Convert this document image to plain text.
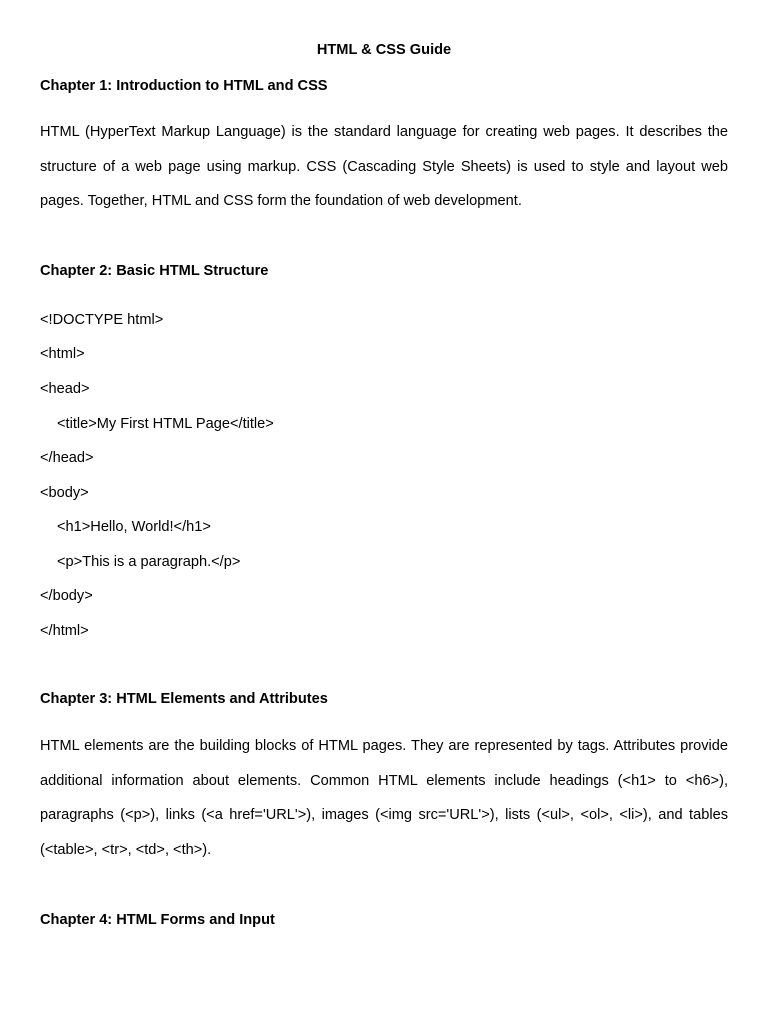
HTML & CSS Guide
Chapter 1: Introduction to HTML and CSS

HTML (HyperText Markup Language) is the standard language for creating web pages. It describes the structure of a web page using markup. CSS (Cascading Style Sheets) is used to style and layout web pages. Together, HTML and CSS form the foundation of web development.

Chapter 2: Basic HTML Structure
<!DOCTYPE html>
<html>
<head>
<title>My First HTML Page</title>
</head>
<body>
<h1>Hello, World!</h1>
<p>This is a paragraph.</p>
</body>
</html>
Chapter 3: HTML Elements and Attributes

HTML elements are the building blocks of HTML pages. They are represented by tags. Attributes provide additional information about elements. Common HTML elements include headings (<h1> to <h6>), paragraphs (<p>), links (<a href='URL'>), images (<img src='URL'>), lists (<ul>, <ol>, <li>), and tables (<table>, <tr>, <td>, <th>).

Chapter 4: HTML Forms and Input
